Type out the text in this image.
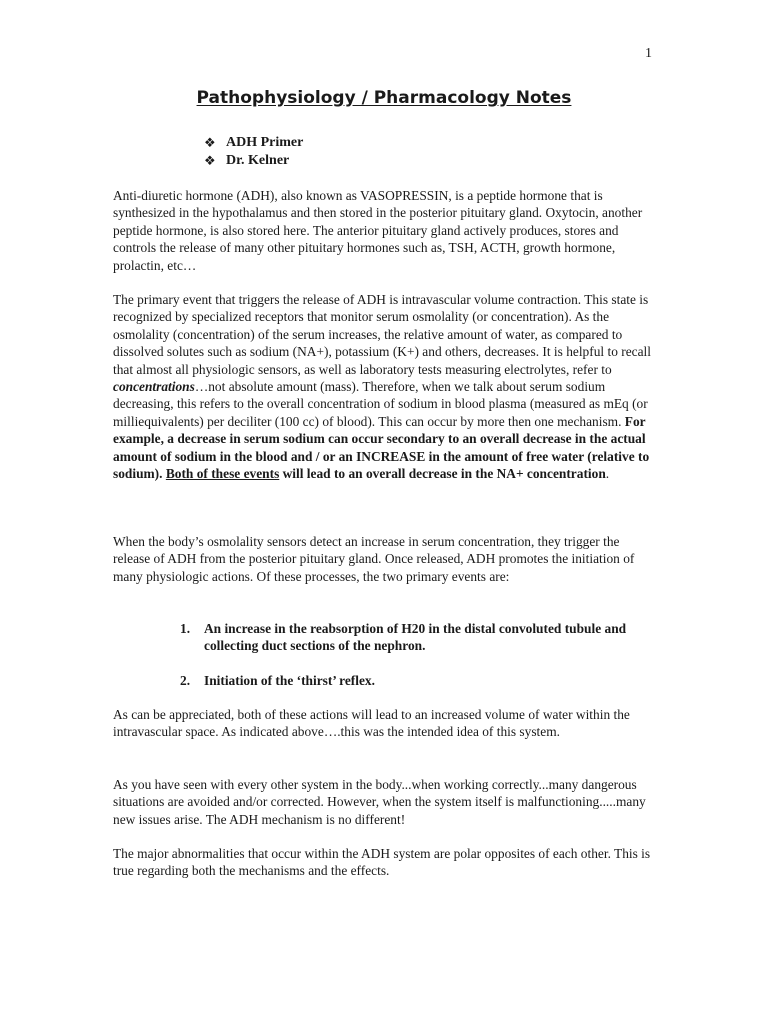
1
Pathophysiology / Pharmacology Notes
❖ ADH Primer
❖ Dr. Kelner

Anti-diuretic hormone (ADH), also known as VASOPRESSIN, is a peptide hormone that is synthesized in the hypothalamus and then stored in the posterior pituitary gland. Oxytocin, another peptide hormone, is also stored here. The anterior pituitary gland actively produces, stores and controls the release of many other pituitary hormones such as, TSH, ACTH, growth hormone, prolactin, etc…

The primary event that triggers the release of ADH is intravascular volume contraction. This state is recognized by specialized receptors that monitor serum osmolality (or concentration). As the osmolality (concentration) of the serum increases, the relative amount of water, as compared to dissolved solutes such as sodium (NA+), potassium (K+) and others, decreases. It is helpful to recall that almost all physiologic sensors, as well as laboratory tests measuring electrolytes, refer to concentrations…not absolute amount (mass). Therefore, when we talk about serum sodium decreasing, this refers to the overall concentration of sodium in blood plasma (measured as mEq (or milliequivalents) per deciliter (100 cc) of blood). This can occur by more then one mechanism. For example, a decrease in serum sodium can occur secondary to an overall decrease in the actual amount of sodium in the blood and / or an INCREASE in the amount of free water (relative to sodium). Both of these events will lead to an overall decrease in the NA+ concentration.

When the body’s osmolality sensors detect an increase in serum concentration, they trigger the release of ADH from the posterior pituitary gland. Once released, ADH promotes the initiation of many physiologic actions. Of these processes, the two primary events are:

1.	An increase in the reabsorption of H20 in the distal convoluted tubule and collecting duct sections of the nephron.
2.	Initiation of the ‘thirst’ reflex.

As can be appreciated, both of these actions will lead to an increased volume of water within the intravascular space. As indicated above….this was the intended idea of this system.

As you have seen with every other system in the body...when working correctly...many dangerous situations are avoided and/or corrected. However, when the system itself is malfunctioning.....many new issues arise. The ADH mechanism is no different!

The major abnormalities that occur within the ADH system are polar opposites of each other. This is true regarding both the mechanisms and the effects.
